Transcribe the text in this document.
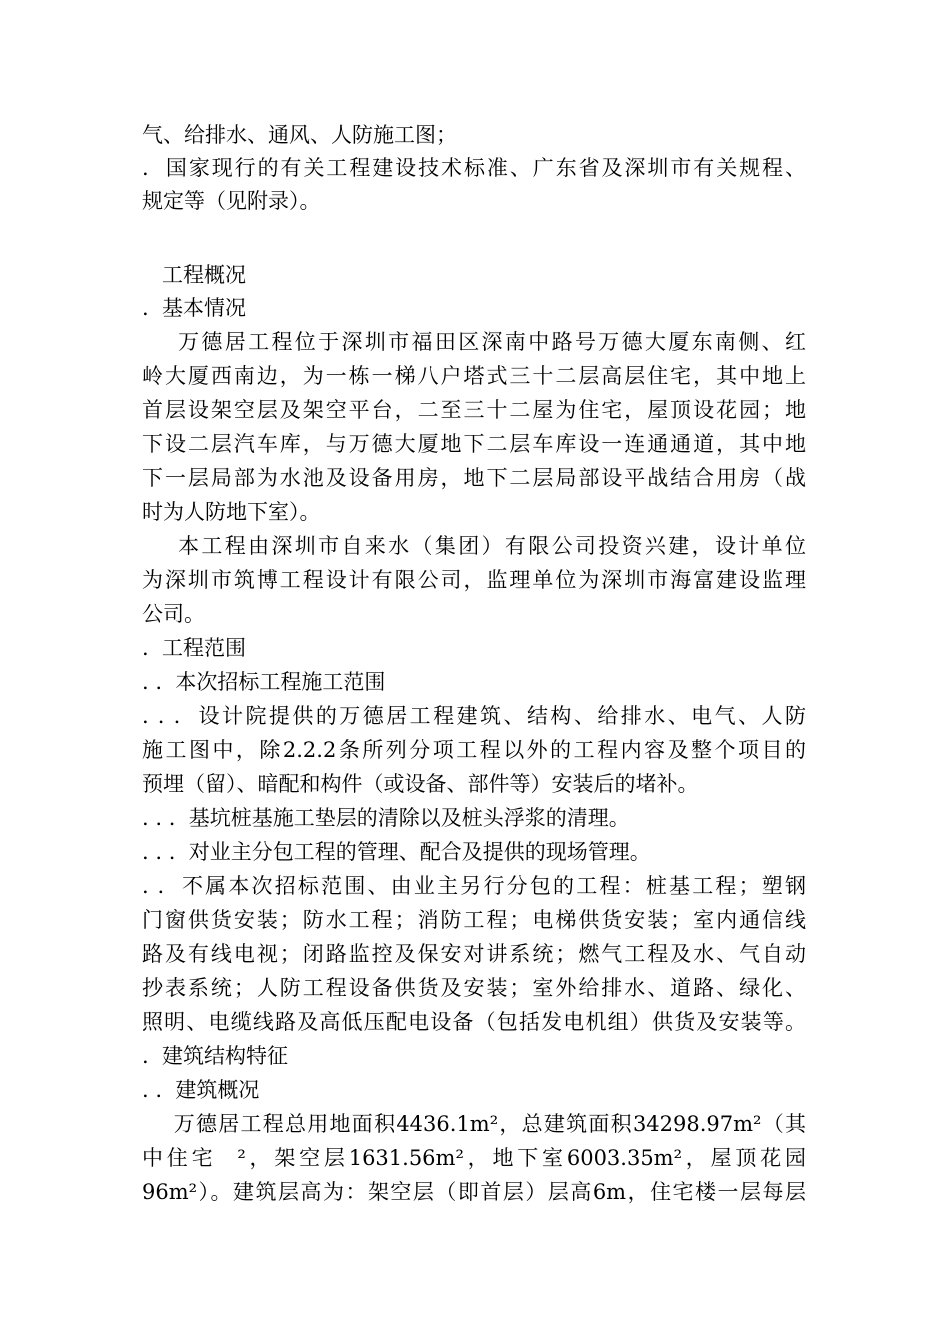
气、给排水、通风、人防施工图；
.  国家现行的有关工程建设技术标准、广东省及深圳市有关规程、
规定等（见附录）。
工程概况
.  基本情况
万德居工程位于深圳市福田区深南中路号万德大厦东南侧、红
岭大厦西南边，为一栋一梯八户塔式三十二层高层住宅，其中地上
首层设架空层及架空平台，二至三十二屋为住宅，屋顶设花园；地
下设二层汽车库，与万德大厦地下二层车库设一连通通道，其中地
下一层局部为水池及设备用房，地下二层局部设平战结合用房（战
时为人防地下室）。
本工程由深圳市自来水（集团）有限公司投资兴建，设计单位
为深圳市筑博工程设计有限公司，监理单位为深圳市海富建设监理
公司。
.  工程范围
. .  本次招标工程施工范围
. . .  设计院提供的万德居工程建筑、结构、给排水、电气、人防
施工图中，除2.2.2条所列分项工程以外的工程内容及整个项目的
预埋（留）、暗配和构件（或设备、部件等）安装后的堵补。
. . .  基坑桩基施工垫层的清除以及桩头浮浆的清理。
. . .  对业主分包工程的管理、配合及提供的现场管理。
. .  不属本次招标范围、由业主另行分包的工程：桩基工程；塑钢
门窗供货安装；防水工程；消防工程；电梯供货安装；室内通信线
路及有线电视；闭路监控及保安对讲系统；燃气工程及水、气自动
抄表系统；人防工程设备供货及安装；室外给排水、道路、绿化、
照明、电缆线路及高低压配电设备（包括发电机组）供货及安装等。
.  建筑结构特征
. .  建筑概况
万德居工程总用地面积4436.1m²，总建筑面积34298.97m²（其
中住宅  ²，架空层1631.56m²，地下室6003.35m²，屋顶花园
96m²）。建筑层高为：架空层（即首层）层高6m，住宅楼一层每层
